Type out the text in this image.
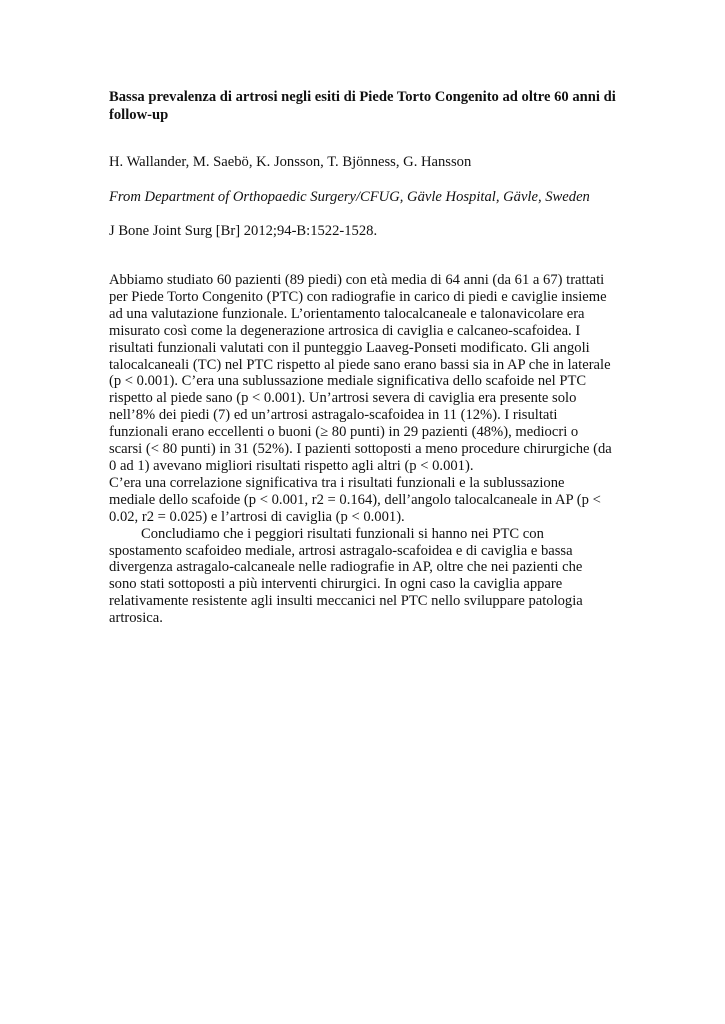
Bassa prevalenza di artrosi negli esiti di Piede Torto Congenito ad oltre 60 anni di follow-up

H. Wallander, M. Saebö, K. Jonsson, T. Bjönness, G. Hansson

From Department of Orthopaedic Surgery/CFUG, Gävle Hospital, Gävle, Sweden

J Bone Joint Surg [Br] 2012;94-B:1522-1528.

Abbiamo studiato 60 pazienti (89 piedi) con età media di 64 anni (da 61 a 67) trattati
per Piede Torto Congenito (PTC) con radiografie in carico di piedi e caviglie insieme
ad una valutazione funzionale. L’orientamento talocalcaneale e talonavicolare era
misurato così come la degenerazione artrosica di caviglia e calcaneo-scafoidea. I
risultati funzionali valutati con il punteggio Laaveg-Ponseti modificato. Gli angoli
talocalcaneali (TC) nel PTC rispetto al piede sano erano bassi sia in AP che in laterale
(p < 0.001). C’era una sublussazione mediale significativa dello scafoide nel PTC
rispetto al piede sano (p < 0.001). Un’artrosi severa di caviglia era presente solo
nell’8% dei piedi (7) ed un’artrosi astragalo-scafoidea in 11 (12%). I risultati
funzionali erano eccellenti o buoni (≥ 80 punti) in 29 pazienti (48%), mediocri o
scarsi (< 80 punti) in 31 (52%). I pazienti sottoposti a meno procedure chirurgiche (da
0 ad 1) avevano migliori risultati rispetto agli altri (p < 0.001).
C’era una correlazione significativa tra i risultati funzionali e la sublussazione
mediale dello scafoide (p < 0.001, r2 = 0.164), dell’angolo talocalcaneale in AP (p <
0.02, r2 = 0.025) e l’artrosi di caviglia (p < 0.001).
Concludiamo che i peggiori risultati funzionali si hanno nei PTC con
spostamento scafoideo mediale, artrosi astragalo-scafoidea e di caviglia e bassa
divergenza astragalo-calcaneale nelle radiografie in AP, oltre che nei pazienti che
sono stati sottoposti a più interventi chirurgici. In ogni caso la caviglia appare
relativamente resistente agli insulti meccanici nel PTC nello sviluppare patologia
artrosica.
